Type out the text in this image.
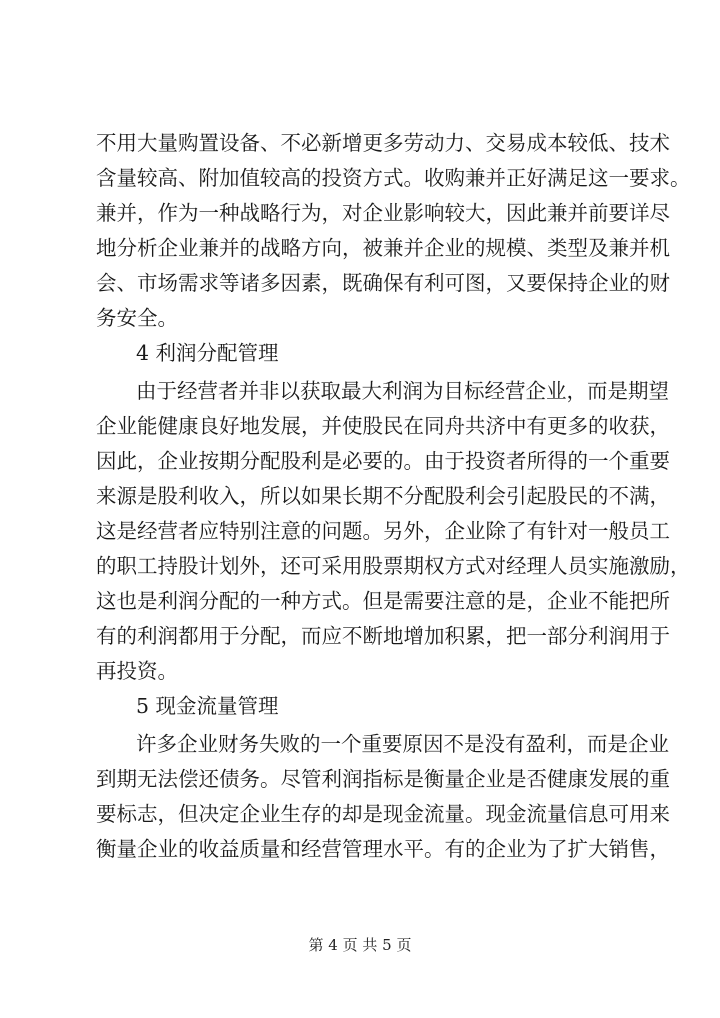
不用大量购置设备、不必新增更多劳动力、交易成本较低、技术
含量较高、附加值较高的投资方式。收购兼并正好满足这一要求。
兼并，作为一种战略行为，对企业影响较大，因此兼并前要详尽
地分析企业兼并的战略方向，被兼并企业的规模、类型及兼并机
会、市场需求等诸多因素，既确保有利可图，又要保持企业的财
务安全。
4 利润分配管理
由于经营者并非以获取最大利润为目标经营企业，而是期望
企业能健康良好地发展，并使股民在同舟共济中有更多的收获，
因此，企业按期分配股利是必要的。由于投资者所得的一个重要
来源是股利收入，所以如果长期不分配股利会引起股民的不满，
这是经营者应特别注意的问题。另外，企业除了有针对一般员工
的职工持股计划外，还可采用股票期权方式对经理人员实施激励，
这也是利润分配的一种方式。但是需要注意的是，企业不能把所
有的利润都用于分配，而应不断地增加积累，把一部分利润用于
再投资。
5 现金流量管理
许多企业财务失败的一个重要原因不是没有盈利，而是企业
到期无法偿还债务。尽管利润指标是衡量企业是否健康发展的重
要标志，但决定企业生存的却是现金流量。现金流量信息可用来
衡量企业的收益质量和经营管理水平。有的企业为了扩大销售，
第 4 页 共 5 页
